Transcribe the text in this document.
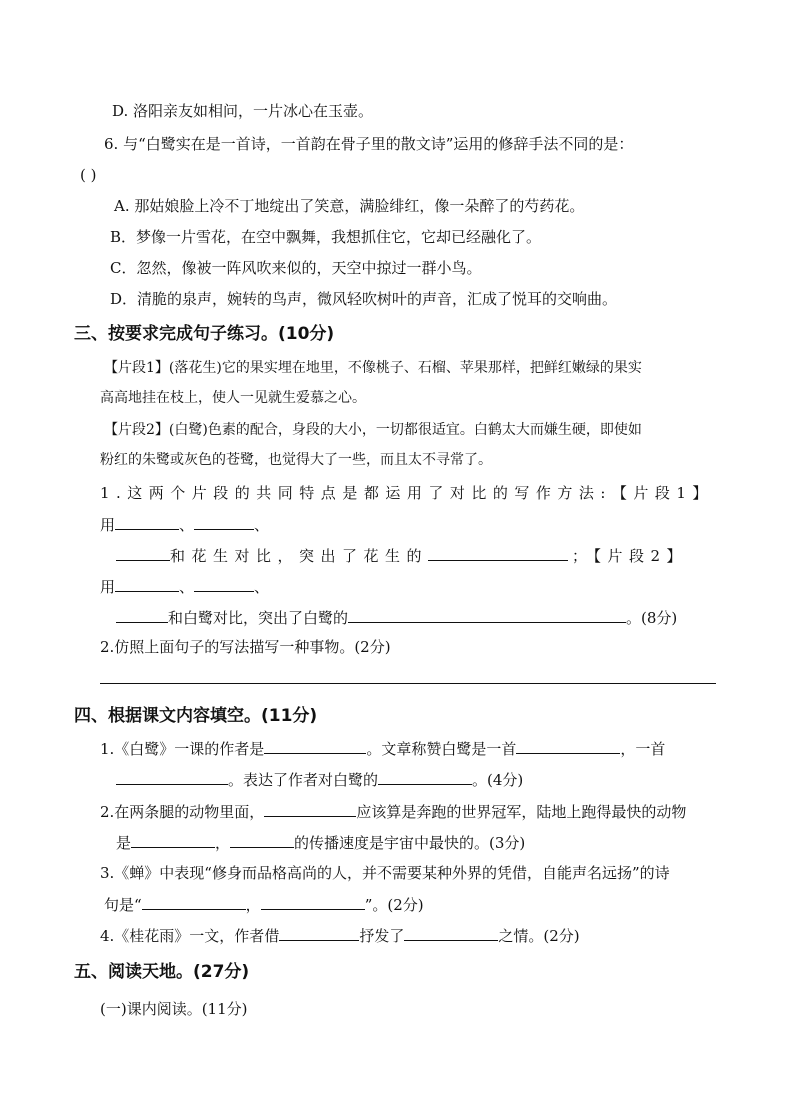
D. 洛阳亲友如相问，一片冰心在玉壶。
6. 与“白鹭实在是一首诗，一首韵在骨子里的散文诗”运用的修辞手法不同的是：
( )
A. 那姑娘脸上冷不丁地绽出了笑意，满脸绯红，像一朵醉了的芍药花。
B．梦像一片雪花，在空中飘舞，我想抓住它，它却已经融化了。
C．忽然，像被一阵风吹来似的，天空中掠过一群小鸟。
D．清脆的泉声，婉转的鸟声，微风轻吹树叶的声音，汇成了悦耳的交响曲。
三、按要求完成句子练习。(10分)
【片段1】(落花生)它的果实埋在地里，不像桃子、石榴、苹果那样，把鲜红嫩绿的果实
高高地挂在枝上，使人一见就生爱慕之心。
【片段2】(白鹭)色素的配合，身段的大小，一切都很适宜。白鹤太大而嫌生硬，即使如
粉红的朱鹭或灰色的苍鹭，也觉得大了一些，而且太不寻常了。
1.这两个片段的共同特点是都运用了对比的写作方法:【片段1】
用	、	、
和花生对比，突出了花生的	；【片段2】
用	、	、
和白鹭对比，突出了白鹭的	。(8分)
2.仿照上面句子的写法描写一种事物。(2分)
四、根据课文内容填空。(11分)
1.《白鹭》一课的作者是	。文章称赞白鹭是一首	，一首
。表达了作者对白鹭的	。(4分)
2.在两条腿的动物里面，	应该算是奔跑的世界冠军，陆地上跑得最快的动物
是	，	的传播速度是宇宙中最快的。(3分)
3.《蝉》中表现“修身而品格高尚的人，并不需要某种外界的凭借，自能声名远扬”的诗
句是“	，	”。(2分)
4.《桂花雨》一文，作者借	抒发了	之情。(2分)
五、阅读天地。(27分)
(一)课内阅读。(11分)
